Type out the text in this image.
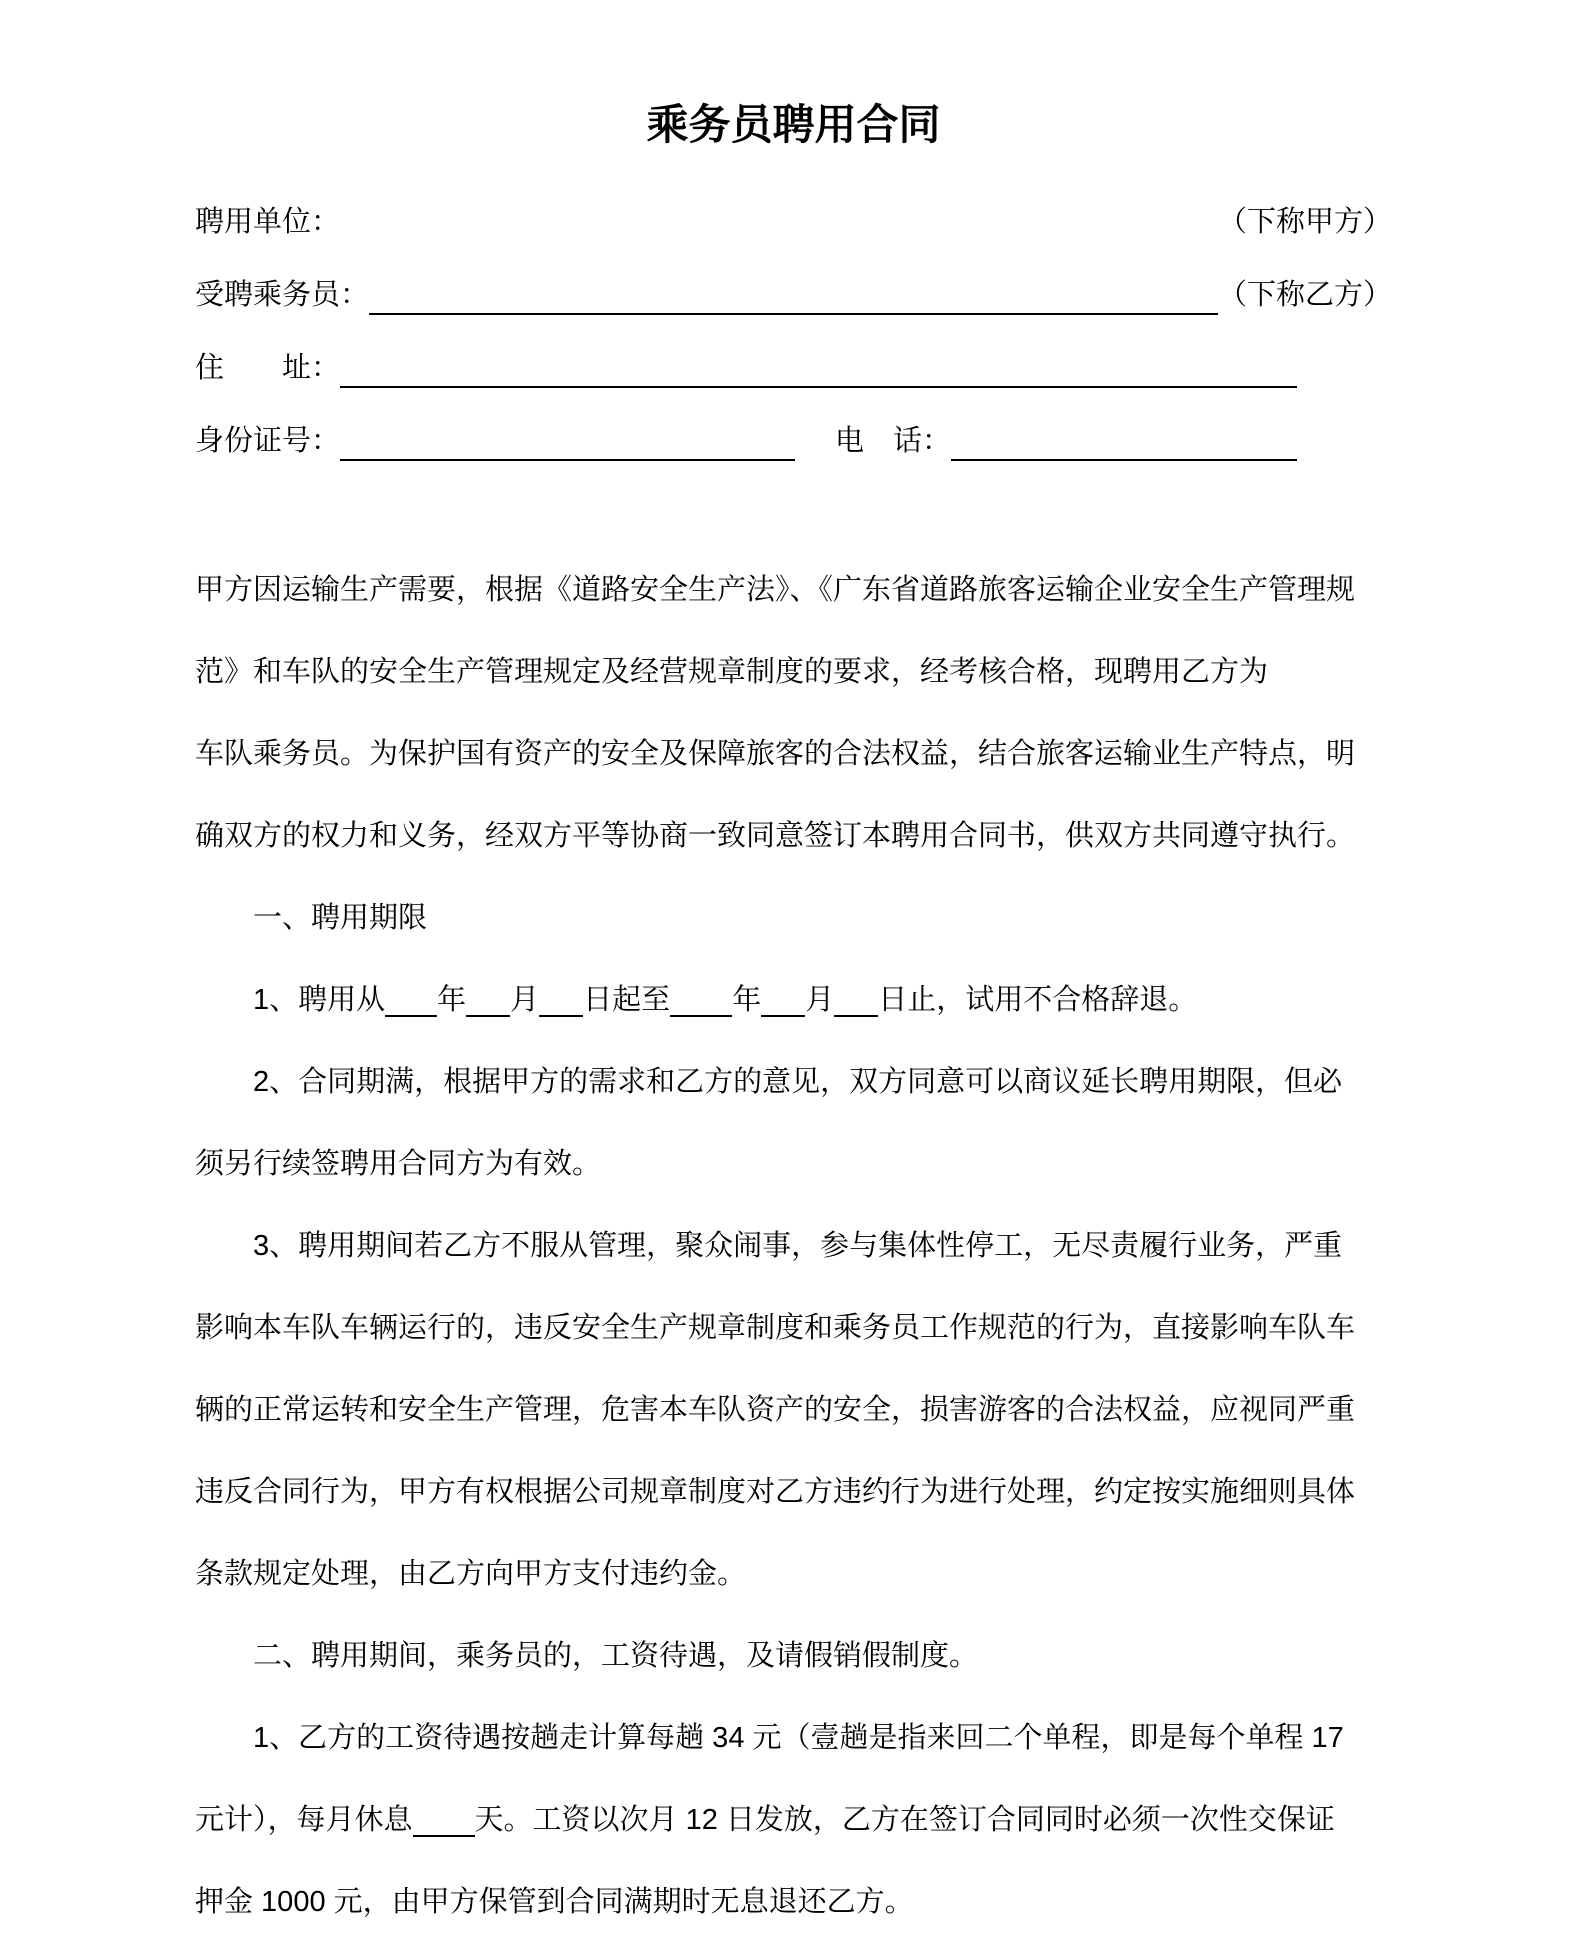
乘务员聘用合同
聘用单位：	（下称甲方）
受聘乘务员：	（下称乙方）
住　　址：
身份证号：	电　话：
甲方因运输生产需要，根据《道路安全生产法》、《广东省道路旅客运输企业安全生产管理规
范》和车队的安全生产管理规定及经营规章制度的要求，经考核合格，现聘用乙方为
车队乘务员。为保护国有资产的安全及保障旅客的合法权益，结合旅客运输业生产特点，明
确双方的权力和义务，经双方平等协商一致同意签订本聘用合同书，供双方共同遵守执行。
一、聘用期限
1、聘用从 年 月 日起至 年 月 日止，试用不合格辞退。
2、合同期满，根据甲方的需求和乙方的意见，双方同意可以商议延长聘用期限，但必
须另行续签聘用合同方为有效。
3、聘用期间若乙方不服从管理，聚众闹事，参与集体性停工，无尽责履行业务，严重
影响本车队车辆运行的，违反安全生产规章制度和乘务员工作规范的行为，直接影响车队车
辆的正常运转和安全生产管理，危害本车队资产的安全，损害游客的合法权益，应视同严重
违反合同行为，甲方有权根据公司规章制度对乙方违约行为进行处理，约定按实施细则具体
条款规定处理，由乙方向甲方支付违约金。
二、聘用期间，乘务员的，工资待遇，及请假销假制度。
1、乙方的工资待遇按趟走计算每趟 34 元（壹趟是指来回二个单程，即是每个单程 17
元计），每月休息 天。工资以次月 12 日发放，乙方在签订合同同时必须一次性交保证
押金 1000 元，由甲方保管到合同满期时无息退还乙方。
